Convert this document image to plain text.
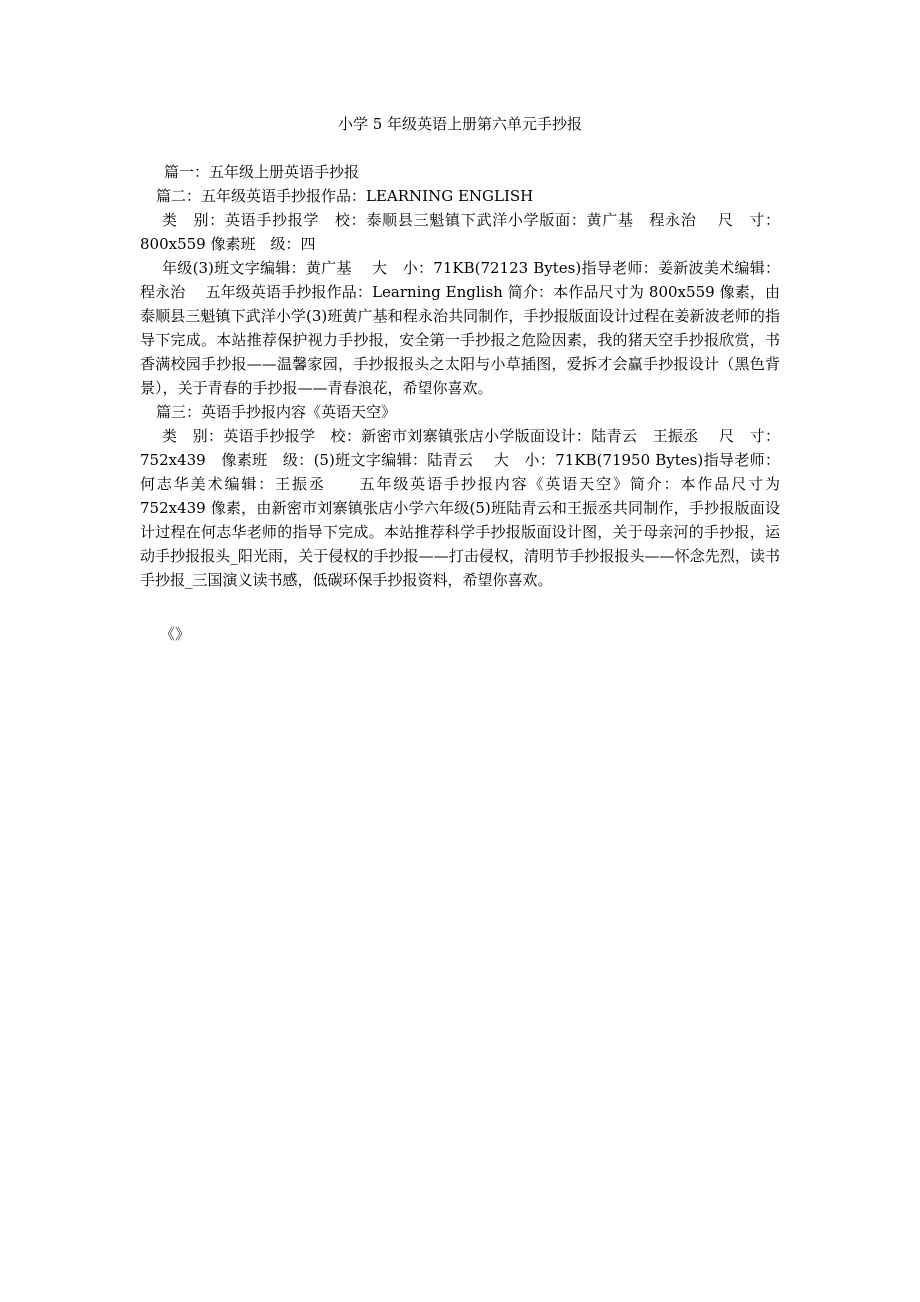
小学 5 年级英语上册第六单元手抄报

篇一：五年级上册英语手抄报

篇二：五年级英语手抄报作品：LEARNING ENGLISH

类　别：英语手抄报学　校：泰顺县三魁镇下武洋小学版面：黄广基　程永治　 尺　寸：800x559 像素班　级：四

年级(3)班文字编辑：黄广基　 大　小：71KB(72123 Bytes)指导老师：姜新波美术编辑：程永治　 五年级英语手抄报作品：Learning English 简介：本作品尺寸为 800x559 像素，由泰顺县三魁镇下武洋小学(3)班黄广基和程永治共同制作，手抄报版面设计过程在姜新波老师的指导下完成。本站推荐保护视力手抄报，安全第一手抄报之危险因素，我的猪天空手抄报欣赏，书香满校园手抄报——温馨家园，手抄报报头之太阳与小草插图，爱拆才会赢手抄报设计（黑色背景），关于青春的手抄报——青春浪花，希望你喜欢。

篇三：英语手抄报内容《英语天空》

类　别：英语手抄报学　校：新密市刘寨镇张店小学版面设计：陆青云　王振丞　 尺　寸：752x439　像素班　级：(5)班文字编辑：陆青云　 大　小：71KB(71950 Bytes)指导老师：何志华美术编辑：王振丞　　五年级英语手抄报内容《英语天空》简介：本作品尺寸为 752x439 像素，由新密市刘寨镇张店小学六年级(5)班陆青云和王振丞共同制作，手抄报版面设计过程在何志华老师的指导下完成。本站推荐科学手抄报版面设计图，关于母亲河的手抄报，运动手抄报报头_阳光雨，关于侵权的手抄报——打击侵权，清明节手抄报报头——怀念先烈，读书手抄报_三国演义读书感，低碳环保手抄报资料，希望你喜欢。

《》
